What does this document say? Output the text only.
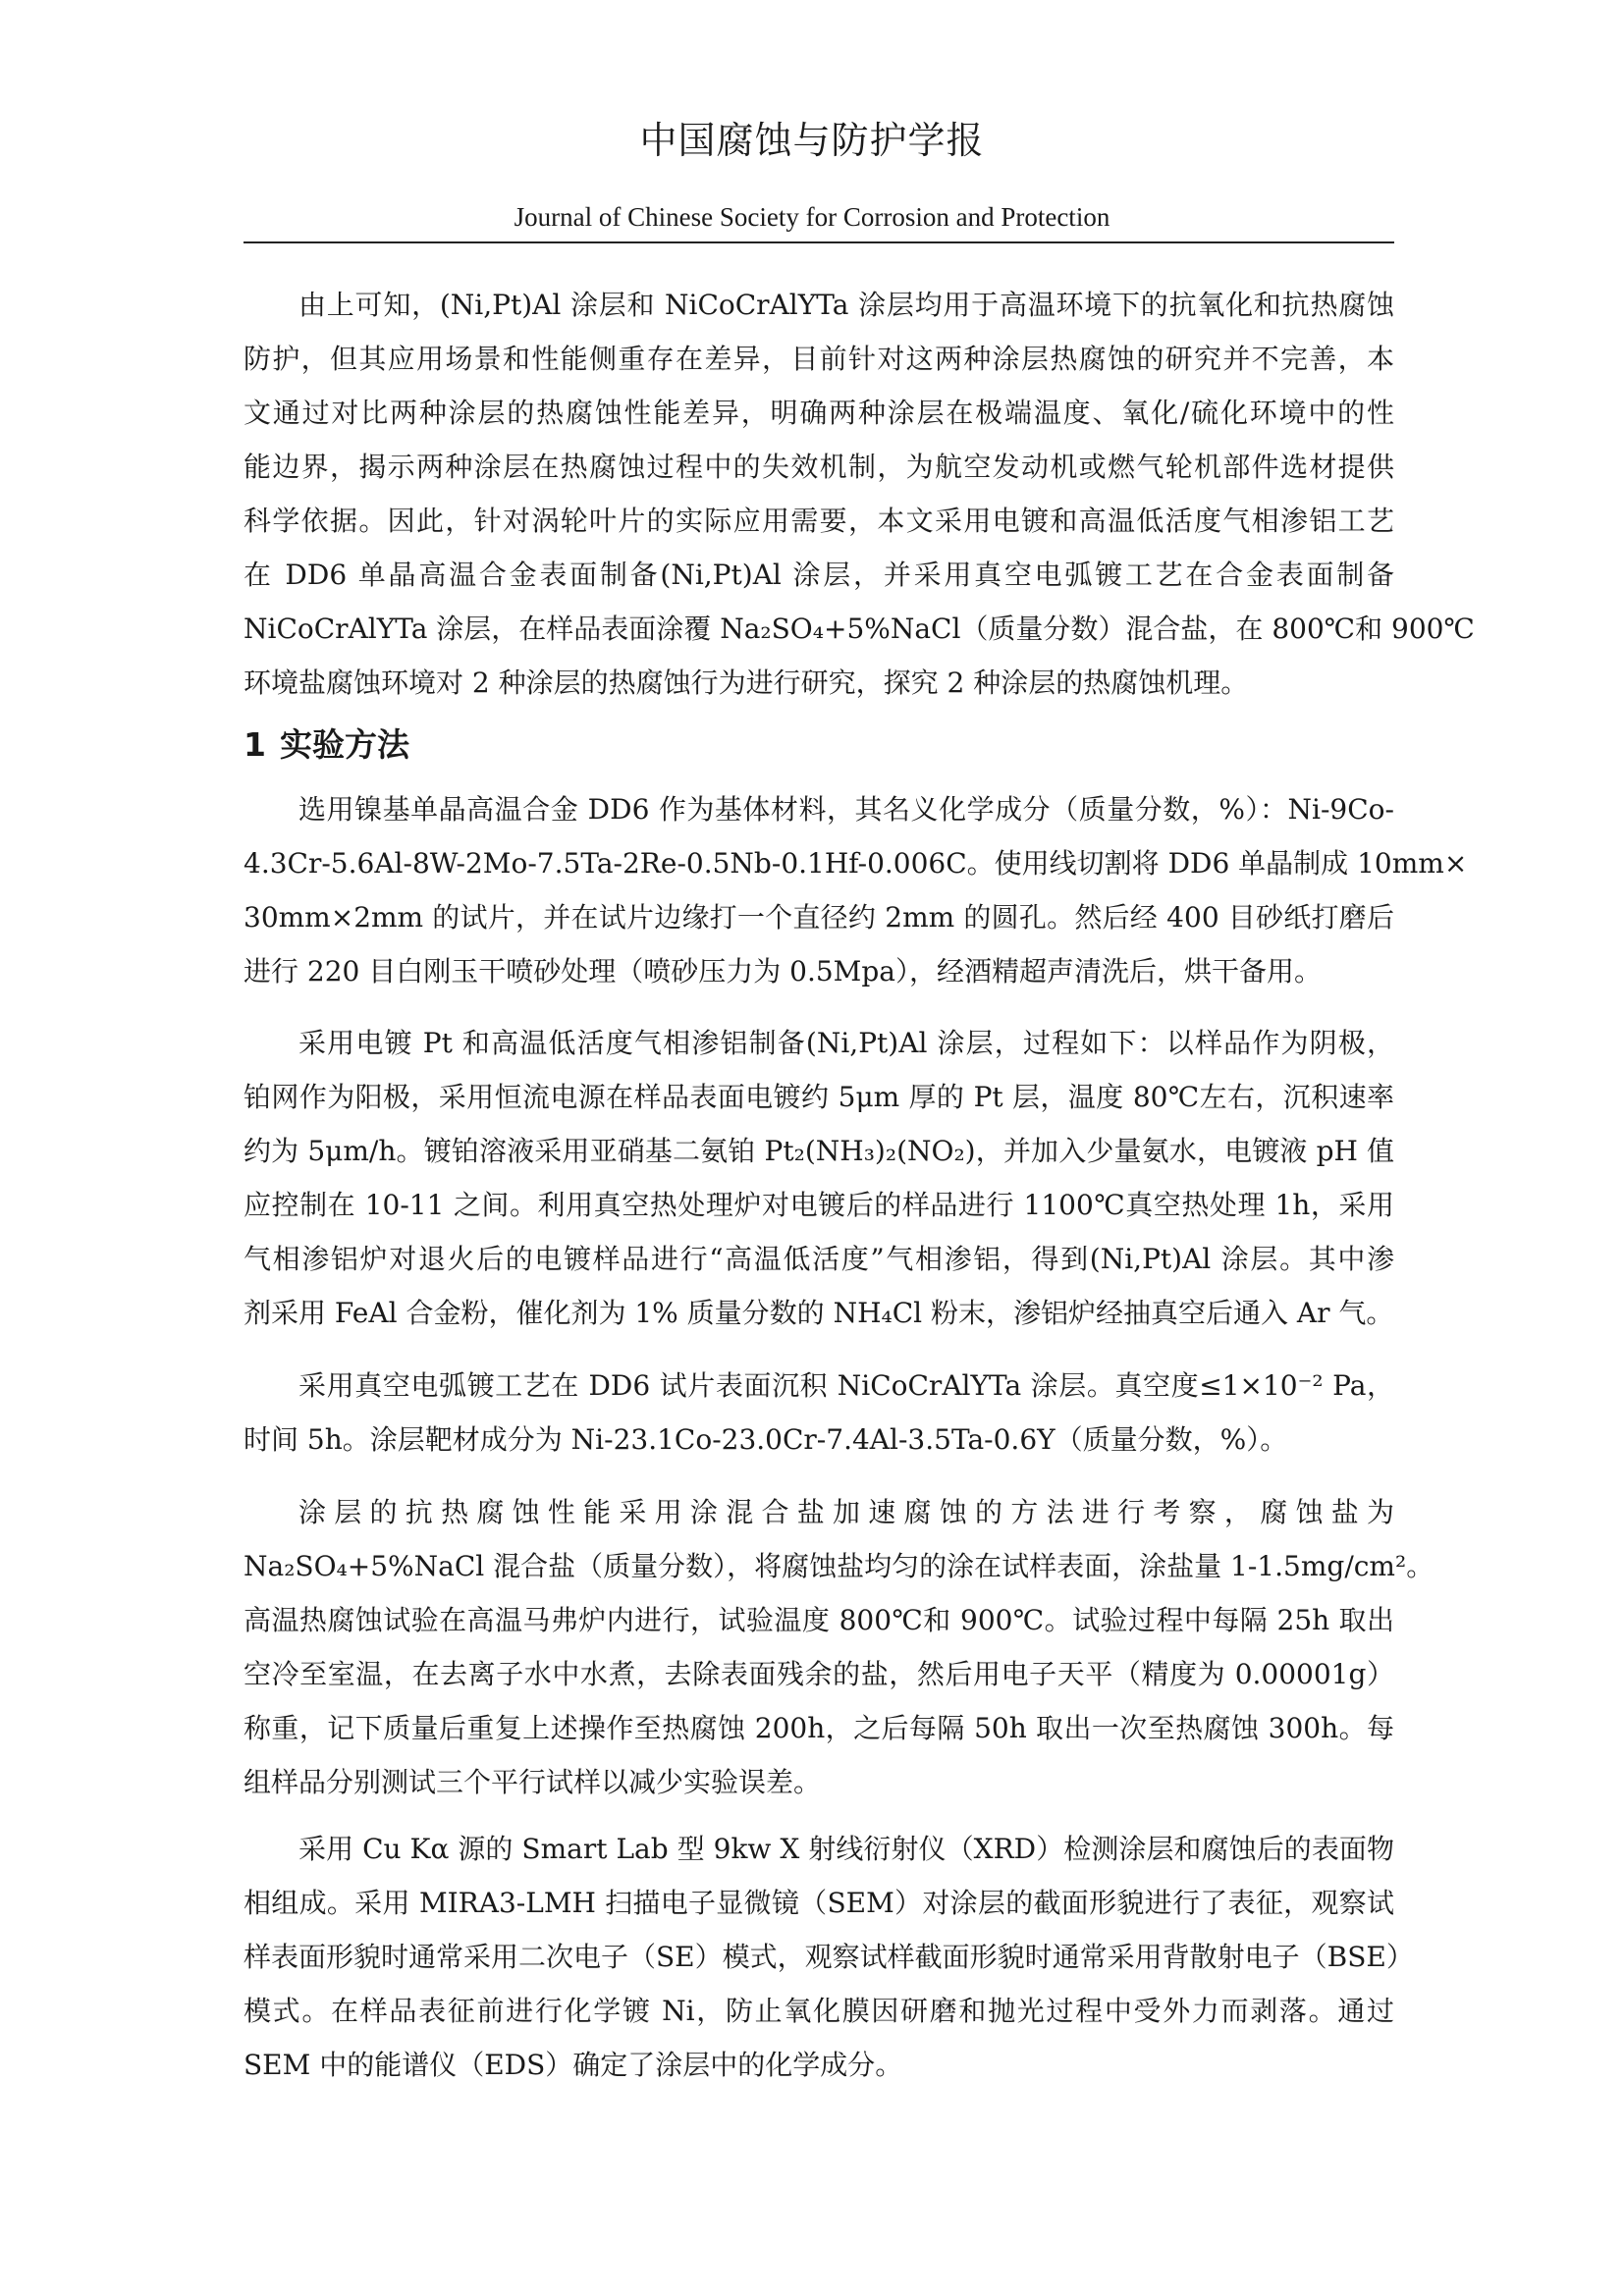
中国腐蚀与防护学报
Journal of Chinese Society for Corrosion and Protection

由上可知，(Ni,Pt)Al 涂层和 NiCoCrAlYTa 涂层均用于高温环境下的抗氧化和抗热腐蚀
防护，但其应用场景和性能侧重存在差异，目前针对这两种涂层热腐蚀的研究并不完善，本
文通过对比两种涂层的热腐蚀性能差异，明确两种涂层在极端温度、氧化/硫化环境中的性
能边界，揭示两种涂层在热腐蚀过程中的失效机制，为航空发动机或燃气轮机部件选材提供
科学依据。因此，针对涡轮叶片的实际应用需要，本文采用电镀和高温低活度气相渗铝工艺
在 DD6 单晶高温合金表面制备(Ni,Pt)Al 涂层，并采用真空电弧镀工艺在合金表面制备
NiCoCrAlYTa 涂层，在样品表面涂覆 Na₂SO₄+5%NaCl（质量分数）混合盐，在 800℃和 900℃
环境盐腐蚀环境对 2 种涂层的热腐蚀行为进行研究，探究 2 种涂层的热腐蚀机理。

1 实验方法

选用镍基单晶高温合金 DD6 作为基体材料，其名义化学成分（质量分数，%）：Ni-9Co-
4.3Cr-5.6Al-8W-2Mo-7.5Ta-2Re-0.5Nb-0.1Hf-0.006C。使用线切割将 DD6 单晶制成 10mm×
30mm×2mm 的试片，并在试片边缘打一个直径约 2mm 的圆孔。然后经 400 目砂纸打磨后
进行 220 目白刚玉干喷砂处理（喷砂压力为 0.5Mpa），经酒精超声清洗后，烘干备用。

采用电镀 Pt 和高温低活度气相渗铝制备(Ni,Pt)Al 涂层，过程如下：以样品作为阴极，
铂网作为阳极，采用恒流电源在样品表面电镀约 5μm 厚的 Pt 层，温度 80℃左右，沉积速率
约为 5μm/h。镀铂溶液采用亚硝基二氨铂 Pt₂(NH₃)₂(NO₂)，并加入少量氨水，电镀液 pH 值
应控制在 10-11 之间。利用真空热处理炉对电镀后的样品进行 1100℃真空热处理 1h，采用
气相渗铝炉对退火后的电镀样品进行“高温低活度”气相渗铝，得到(Ni,Pt)Al 涂层。其中渗
剂采用 FeAl 合金粉，催化剂为 1% 质量分数的 NH₄Cl 粉末，渗铝炉经抽真空后通入 Ar 气。

采用真空电弧镀工艺在 DD6 试片表面沉积 NiCoCrAlYTa 涂层。真空度≤1×10⁻² Pa，
时间 5h。涂层靶材成分为 Ni-23.1Co-23.0Cr-7.4Al-3.5Ta-0.6Y（质量分数，%）。

涂层的抗热腐蚀性能采用涂混合盐加速腐蚀的方法进行考察，腐蚀盐为
Na₂SO₄+5%NaCl 混合盐（质量分数），将腐蚀盐均匀的涂在试样表面，涂盐量 1-1.5mg/cm²。
高温热腐蚀试验在高温马弗炉内进行，试验温度 800℃和 900℃。试验过程中每隔 25h 取出
空冷至室温，在去离子水中水煮，去除表面残余的盐，然后用电子天平（精度为 0.00001g）
称重，记下质量后重复上述操作至热腐蚀 200h，之后每隔 50h 取出一次至热腐蚀 300h。每
组样品分别测试三个平行试样以减少实验误差。

采用 Cu Kα 源的 Smart Lab 型 9kw X 射线衍射仪（XRD）检测涂层和腐蚀后的表面物
相组成。采用 MIRA3-LMH 扫描电子显微镜（SEM）对涂层的截面形貌进行了表征，观察试
样表面形貌时通常采用二次电子（SE）模式，观察试样截面形貌时通常采用背散射电子（BSE）
模式。在样品表征前进行化学镀 Ni，防止氧化膜因研磨和抛光过程中受外力而剥落。通过
SEM 中的能谱仪（EDS）确定了涂层中的化学成分。
